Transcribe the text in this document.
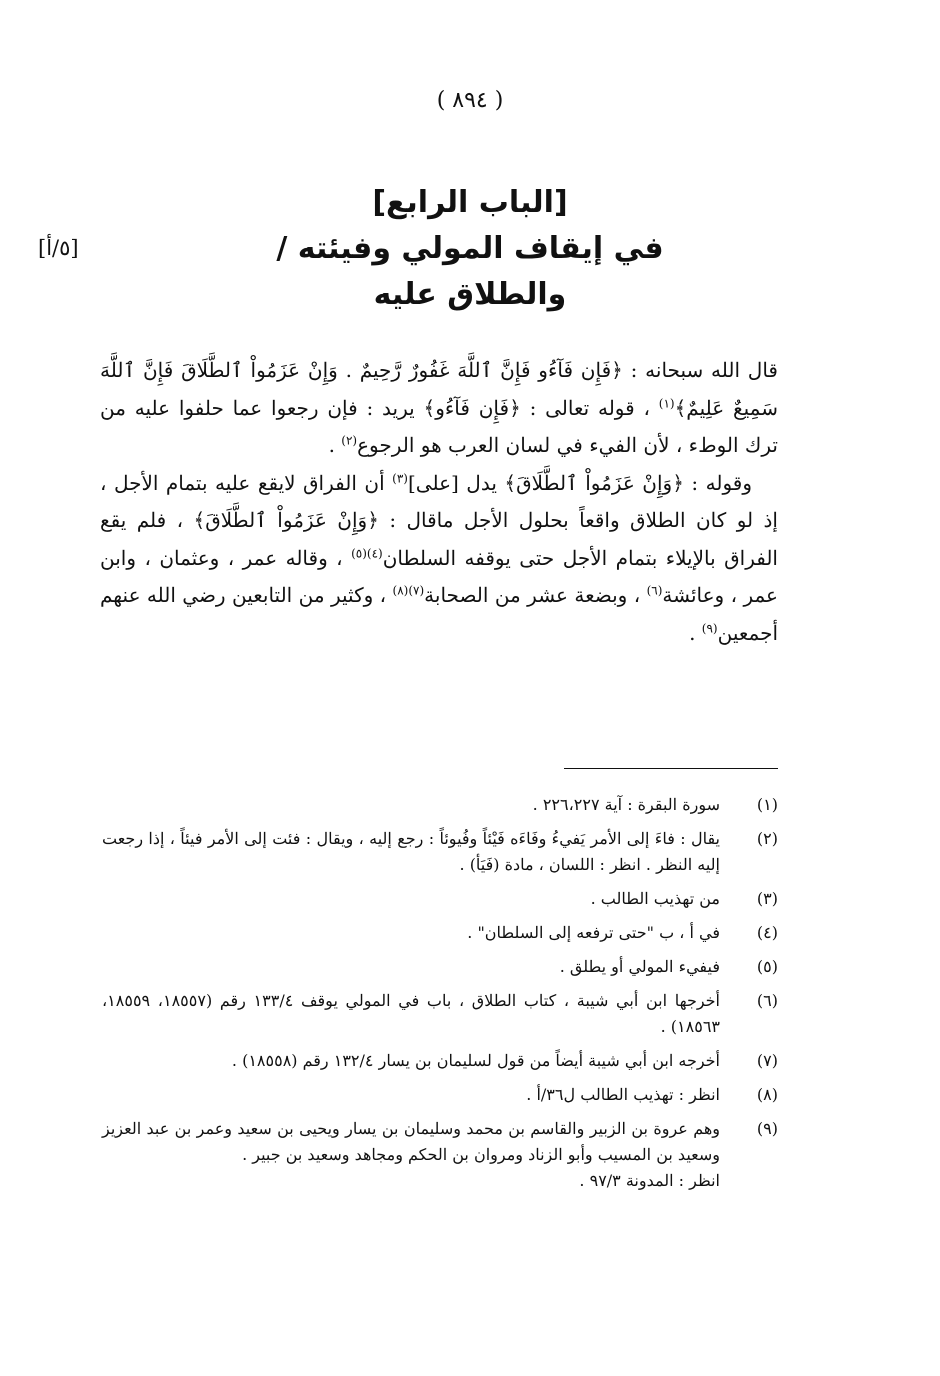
( ٨٩٤ )
[٥/أ]
[الباب الرابع]
في إيقاف المولي وفيئته /
والطلاق عليه

قال الله سبحانه : ﴿فَإِن فَآءُو فَإِنَّ ٱللَّهَ غَفُورٌ رَّحِيمٌ . وَإِنْ عَزَمُواْ ٱلطَّلَاقَ فَإِنَّ ٱللَّهَ سَمِيعٌ عَلِيمٌ﴾$^{(١)}$ ، قوله تعالى : ﴿فَإِن فَآءُو﴾ يريد : فإن رجعوا عما حلفوا عليه من ترك الوطء ، لأن الفيء في لسان العرب هو الرجوع$^{(٢)}$ .

وقوله : ﴿وَإِنْ عَزَمُواْ ٱلطَّلَاقَ﴾ يدل [على]$^{(٣)}$ أن الفراق لايقع عليه بتمام الأجل ، إذ لو كان الطلاق واقعاً بحلول الأجل ماقال : ﴿وَإِنْ عَزَمُواْ ٱلطَّلَاقَ﴾ ، فلم يقع الفراق بالإيلاء بتمام الأجل حتى يوقفه السلطان$^{(٤)(٥)}$ ، وقاله عمر ، وعثمان ، وابن عمر ، وعائشة$^{(٦)}$ ، وبضعة عشر من الصحابة$^{(٧)(٨)}$ ، وكثير من التابعين رضي الله عنهم أجمعين$^{(٩)}$ .

(١)
سورة البقرة : آية ٢٢٦،٢٢٧ .
(٢)
يقال : فاءَ إلى الأمر يَفيءُ وفَاءَه فَيْئاً وفُيوئاً : رجع إليه ، ويقال : فئت إلى الأمر فيئاً ، إذا رجعت إليه النظر . انظر : اللسان ، مادة (فَيَأ) .
(٣)
من تهذيب الطالب .
(٤)
في أ ، ب "حتى ترفعه إلى السلطان" .
(٥)
فيفيء المولي أو يطلق .
(٦)
أخرجها ابن أبي شيبة ، كتاب الطلاق ، باب في المولي يوقف ١٣٣/٤ رقم (١٨٥٥٧، ١٨٥٥٩، ١٨٥٦٣) .
(٧)
أخرجه ابن أبي شيبة أيضاً من قول لسليمان بن يسار ١٣٢/٤ رقم (١٨٥٥٨) .
(٨)
انظر : تهذيب الطالب ل٣٦/أ .
(٩)
وهم عروة بن الزبير والقاسم بن محمد وسليمان بن يسار ويحيى بن سعيد وعمر بن عبد العزيز وسعيد بن المسيب وأبو الزناد ومروان بن الحكم ومجاهد وسعيد بن جبير .
انظر : المدونة ٩٧/٣ .
